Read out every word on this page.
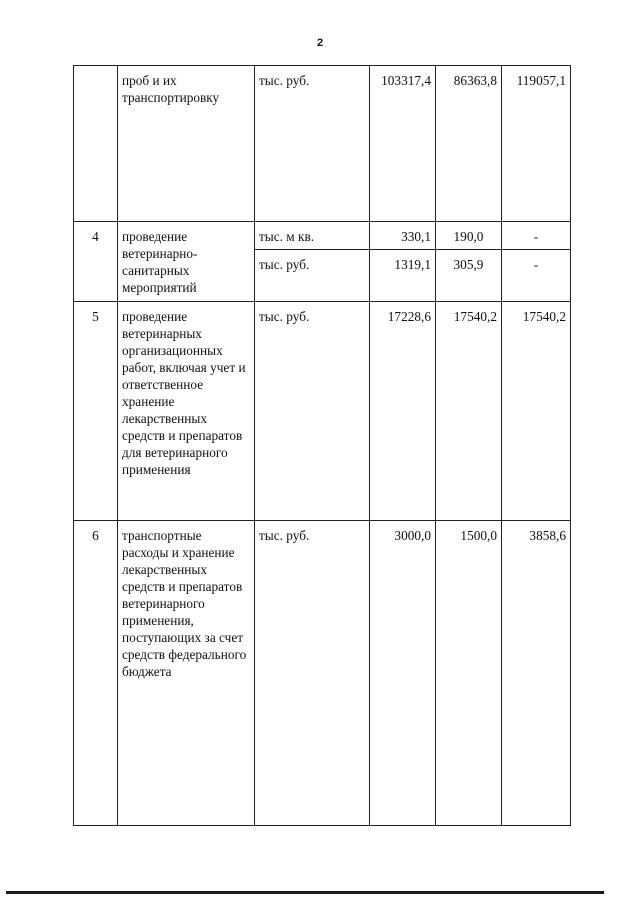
2
	проб и их транспортировку	тыс. руб.	103317,4	86363,8	119057,1
4	проведение ветеринарно-санитарных мероприятий	тыс. м кв.	330,1	190,0	-
		тыс. руб.	1319,1	305,9	-
5	проведение ветеринарных организационных работ, включая учет и ответственное хранение лекарственных средств и препаратов для ветеринарного применения	тыс. руб.	17228,6	17540,2	17540,2
6	транспортные расходы и хранение лекарственных средств и препаратов ветеринарного применения, поступающих за счет средств федерального бюджета	тыс. руб.	3000,0	1500,0	3858,6
